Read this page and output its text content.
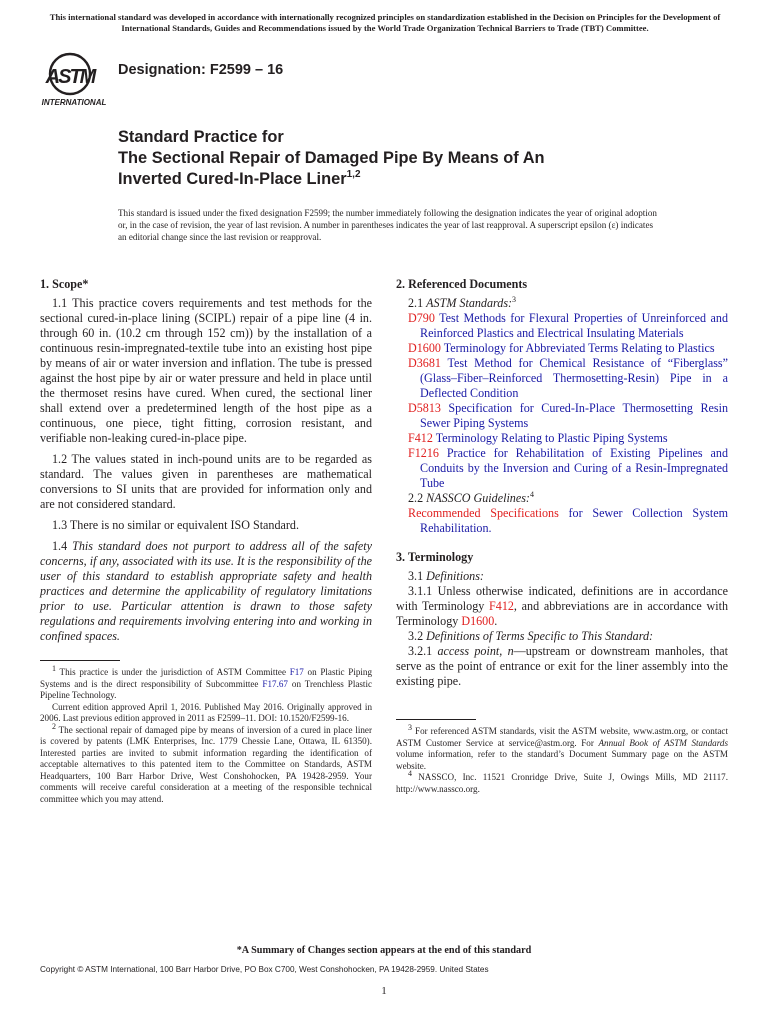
This international standard was developed in accordance with internationally recognized principles on standardization established in the Decision on Principles for the Development of International Standards, Guides and Recommendations issued by the World Trade Organization Technical Barriers to Trade (TBT) Committee.
ASTM
INTERNATIONAL
Designation: F2599 – 16
Standard Practice for
The Sectional Repair of Damaged Pipe By Means of An
Inverted Cured-In-Place Liner$^{1,2}$
This standard is issued under the fixed designation F2599; the number immediately following the designation indicates the year of original adoption or, in the case of revision, the year of last revision. A number in parentheses indicates the year of last reapproval. A superscript epsilon (ε) indicates an editorial change since the last revision or reapproval.

1. Scope*

1.1 This practice covers requirements and test methods for the sectional cured-in-place lining (SCIPL) repair of a pipe line (4 in. through 60 in. (10.2 cm through 152 cm)) by the installation of a continuous resin-impregnated-textile tube into an existing host pipe by means of air or water inversion and inflation. The tube is pressed against the host pipe by air or water pressure and held in place until the thermoset resins have cured. When cured, the sectional liner shall extend over a predetermined length of the host pipe as a continuous, one piece, tight fitting, corrosion resistant, and verifiable non-leaking cured-in-place pipe.

1.2 The values stated in inch-pound units are to be regarded as standard. The values given in parentheses are mathematical conversions to SI units that are provided for information only and are not considered standard.

1.3 There is no similar or equivalent ISO Standard.

1.4 This standard does not purport to address all of the safety concerns, if any, associated with its use. It is the responsibility of the user of this standard to establish appropriate safety and health practices and determine the applicability of regulatory limitations prior to use. Particular attention is drawn to those safety regulations and requirements involving entering into and working in confined spaces.

$^1$ This practice is under the jurisdiction of ASTM Committee F17 on Plastic Piping Systems and is the direct responsibility of Subcommittee F17.67 on Trenchless Plastic Pipeline Technology.

Current edition approved April 1, 2016. Published May 2016. Originally approved in 2006. Last previous edition approved in 2011 as F2599–11. DOI: 10.1520/F2599-16.

$^2$ The sectional repair of damaged pipe by means of inversion of a cured in place liner is covered by patents (LMK Enterprises, Inc. 1779 Chessie Lane, Ottawa, IL 61350). Interested parties are invited to submit information regarding the identification of acceptable alternatives to this patented item to the Committee on Standards, ASTM Headquarters, 100 Barr Harbor Drive, West Conshohocken, PA 19428-2959. Your comments will receive careful consideration at a meeting of the responsible technical committee which you may attend.

2. Referenced Documents

2.1 ASTM Standards:$^3$

D790 Test Methods for Flexural Properties of Unreinforced and Reinforced Plastics and Electrical Insulating Materials

D1600 Terminology for Abbreviated Terms Relating to Plastics

D3681 Test Method for Chemical Resistance of “Fiberglass” (Glass–Fiber–Reinforced Thermosetting-Resin) Pipe in a Deflected Condition

D5813 Specification for Cured-In-Place Thermosetting Resin Sewer Piping Systems

F412 Terminology Relating to Plastic Piping Systems

F1216 Practice for Rehabilitation of Existing Pipelines and Conduits by the Inversion and Curing of a Resin-Impregnated Tube

2.2 NASSCO Guidelines:$^4$

Recommended Specifications for Sewer Collection System Rehabilitation.

3. Terminology

3.1 Definitions:

3.1.1 Unless otherwise indicated, definitions are in accordance with Terminology F412, and abbreviations are in accordance with Terminology D1600.

3.2 Definitions of Terms Specific to This Standard:

3.2.1 access point, n—upstream or downstream manholes, that serve as the point of entrance or exit for the liner assembly into the existing pipe.

$^3$ For referenced ASTM standards, visit the ASTM website, www.astm.org, or contact ASTM Customer Service at service@astm.org. For Annual Book of ASTM Standards volume information, refer to the standard’s Document Summary page on the ASTM website.

$^4$ NASSCO, Inc. 11521 Cronridge Drive, Suite J, Owings Mills, MD 21117. http://www.nassco.org.

*A Summary of Changes section appears at the end of this standard
Copyright © ASTM International, 100 Barr Harbor Drive, PO Box C700, West Conshohocken, PA 19428-2959. United States
1
